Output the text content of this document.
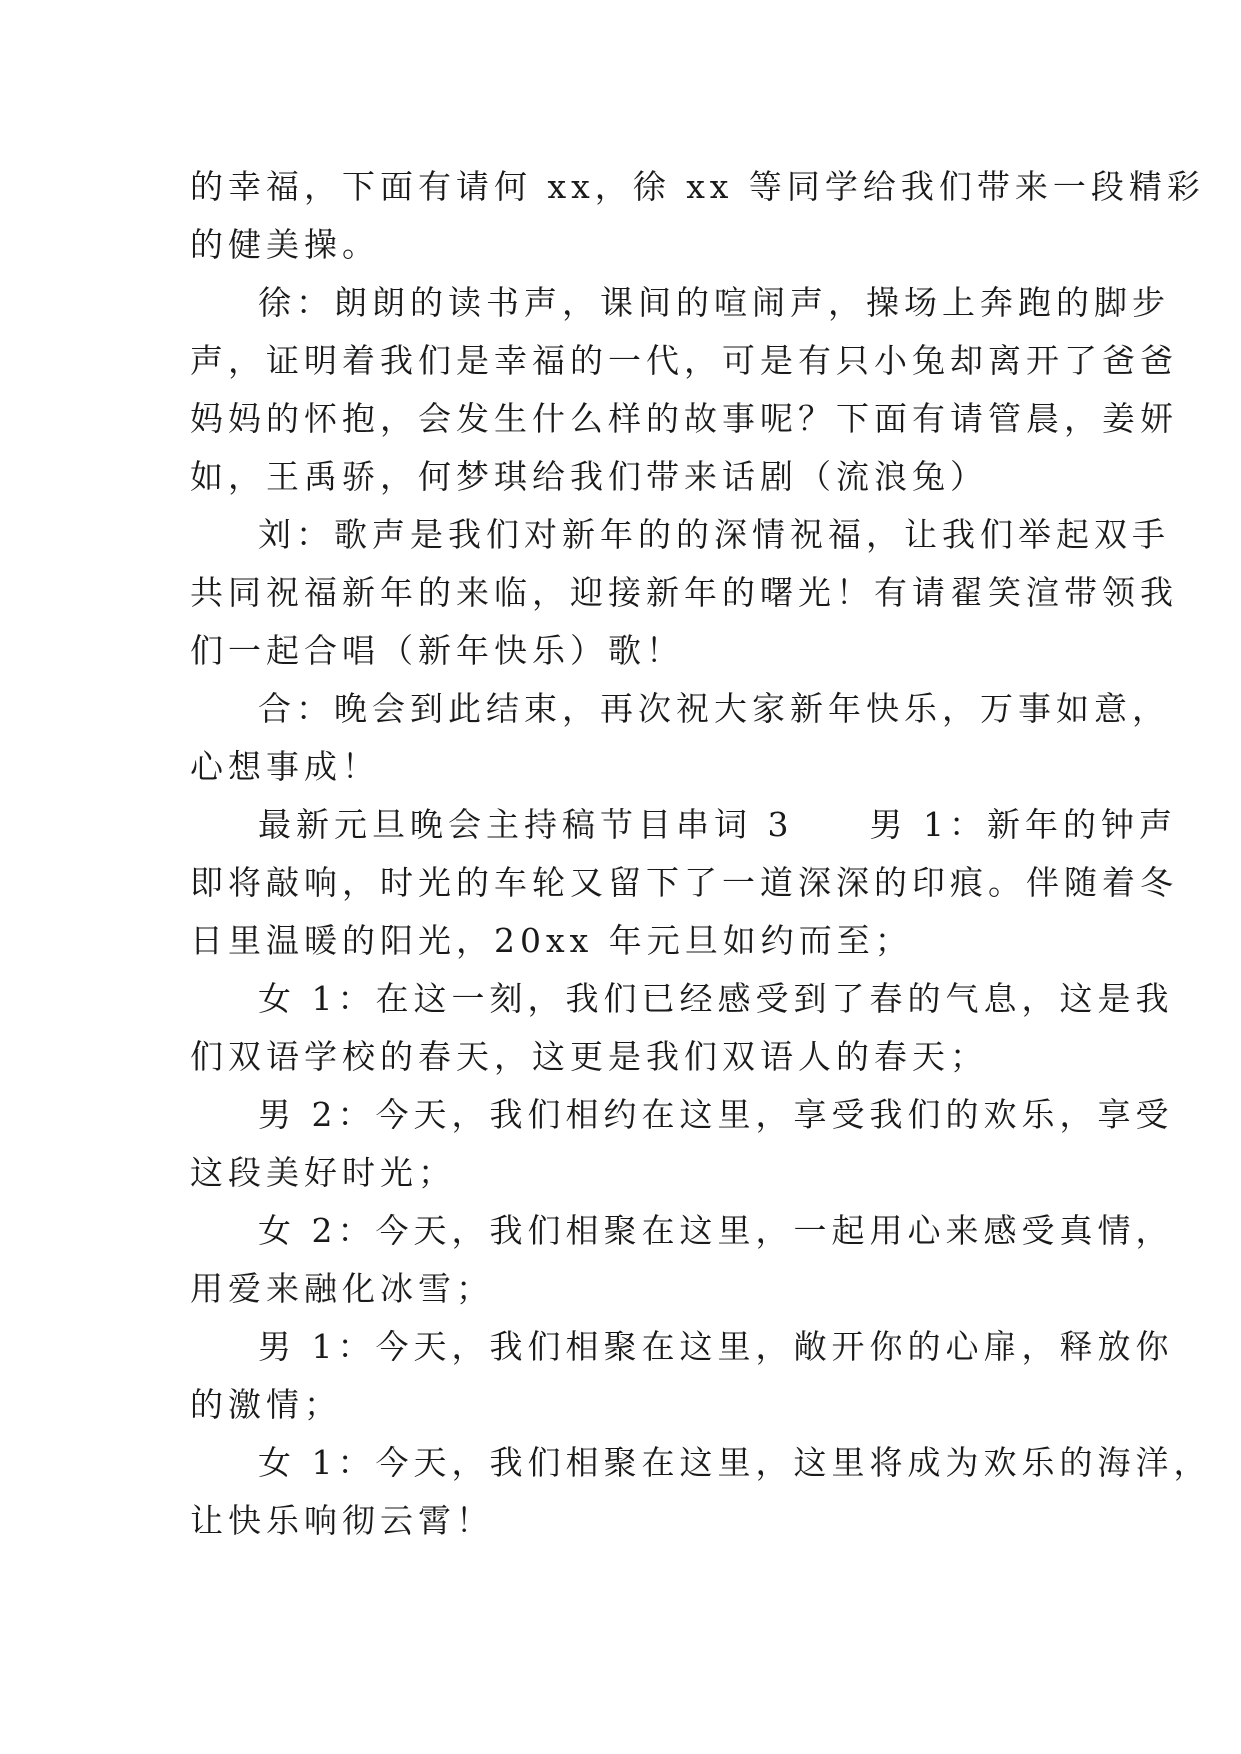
的幸福，下面有请何 xx，徐 xx 等同学给我们带来一段精彩
的健美操。
徐：朗朗的读书声，课间的喧闹声，操场上奔跑的脚步
声，证明着我们是幸福的一代，可是有只小兔却离开了爸爸
妈妈的怀抱，会发生什么样的故事呢？下面有请管晨，姜妍
如，王禹骄，何梦琪给我们带来话剧（流浪兔）
刘：歌声是我们对新年的的深情祝福，让我们举起双手
共同祝福新年的来临，迎接新年的曙光！有请翟笑渲带领我
们一起合唱（新年快乐）歌！
合：晚会到此结束，再次祝大家新年快乐，万事如意，
心想事成！
最新元旦晚会主持稿节目串词 3　　男 1：新年的钟声
即将敲响，时光的车轮又留下了一道深深的印痕。伴随着冬
日里温暖的阳光，20xx 年元旦如约而至；
女 1：在这一刻，我们已经感受到了春的气息，这是我
们双语学校的春天，这更是我们双语人的春天；
男 2：今天，我们相约在这里，享受我们的欢乐，享受
这段美好时光；
女 2：今天，我们相聚在这里，一起用心来感受真情，
用爱来融化冰雪；
男 1：今天，我们相聚在这里，敞开你的心扉，释放你
的激情；
女 1：今天，我们相聚在这里，这里将成为欢乐的海洋，
让快乐响彻云霄！
